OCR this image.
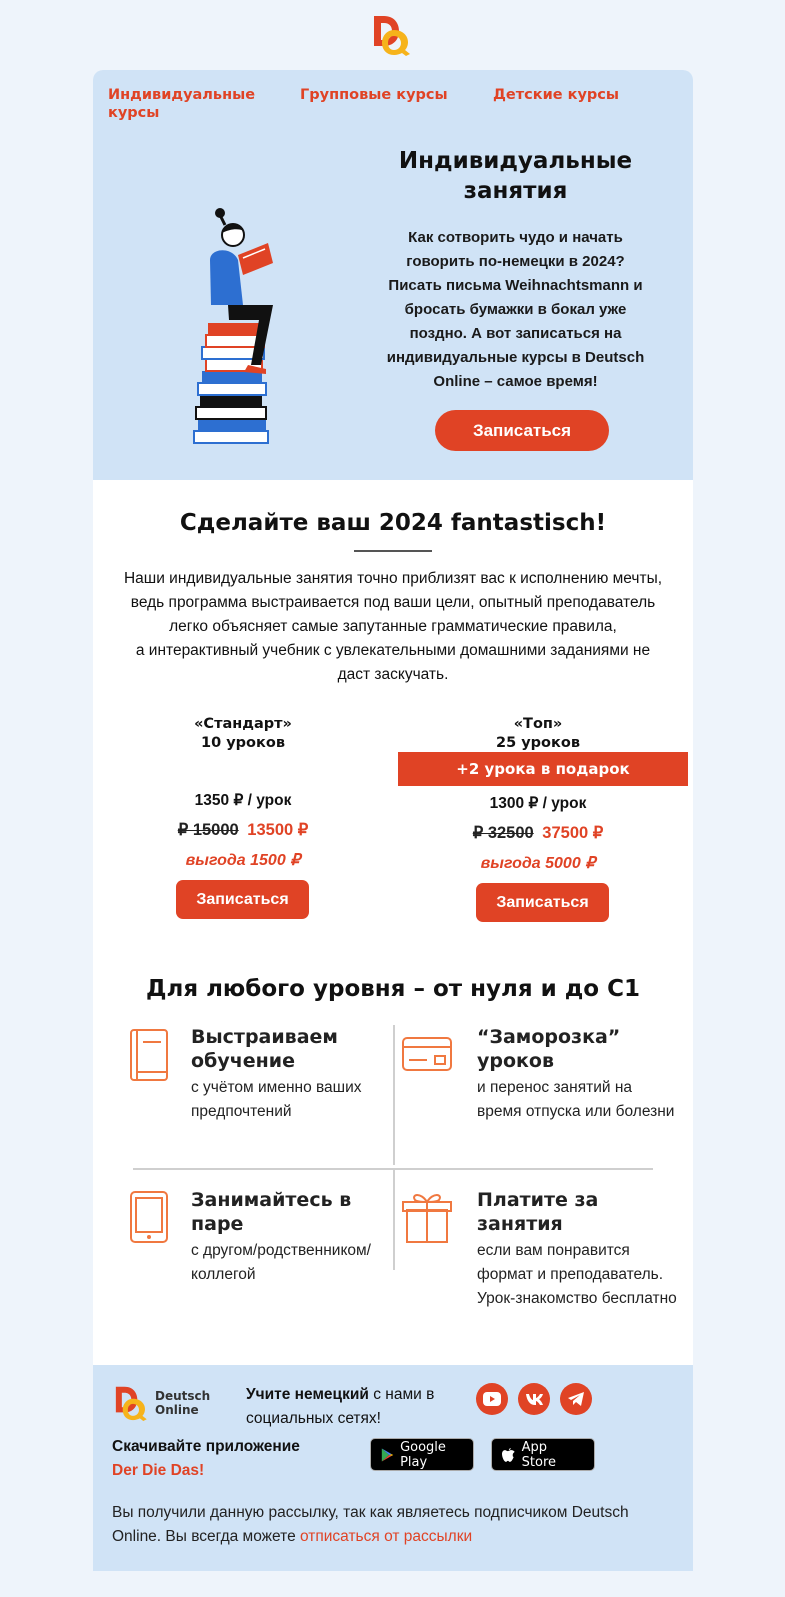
Индивидуальные курсы
Групповые курсы	Детские курсы
Индивидуальные занятия
Как сотворить чудо и начать говорить по-немецки в 2024? Писать письма Weihnachtsmann и бросать бумажки в бокал уже поздно. А вот записаться на индивидуальные курсы в Deutsch Online – самое время!
Записаться
Сделайте ваш 2024 fantastisch!
Наши индивидуальные занятия точно приблизят вас к исполнению мечты,
ведь программа выстраивается под ваши цели, опытный преподаватель
легко объясняет самые запутанные грамматические правила,
а интерактивный учебник с увлекательными домашними заданиями не
даст заскучать.
«Стандарт»
10 уроков
1350 ₽ / урок
₽ 15000 13500 ₽
выгода 1500 ₽
Записаться
«Топ»
25 уроков
+2 урока в подарок
1300 ₽ / урок
₽ 32500 37500 ₽
выгода 5000 ₽
Записаться
Для любого уровня – от нуля и до С1
Выстраиваем обучение
с учётом именно ваших предпочтений
“Заморозка” уроков
и перенос занятий на время отпуска или болезни
Занимайтесь в паре
с другом/родственником/ коллегой
Платите за занятия
если вам понравится формат и преподаватель. Урок-знакомство бесплатно
Deutsch
Online
Учите немецкий с нами в социальных сетях!
Скачивайте приложение
Der Die Das!
Google Play
App Store
Вы получили данную рассылку, так как являетесь подписчиком Deutsch Online. Вы всегда можете отписаться от рассылки
